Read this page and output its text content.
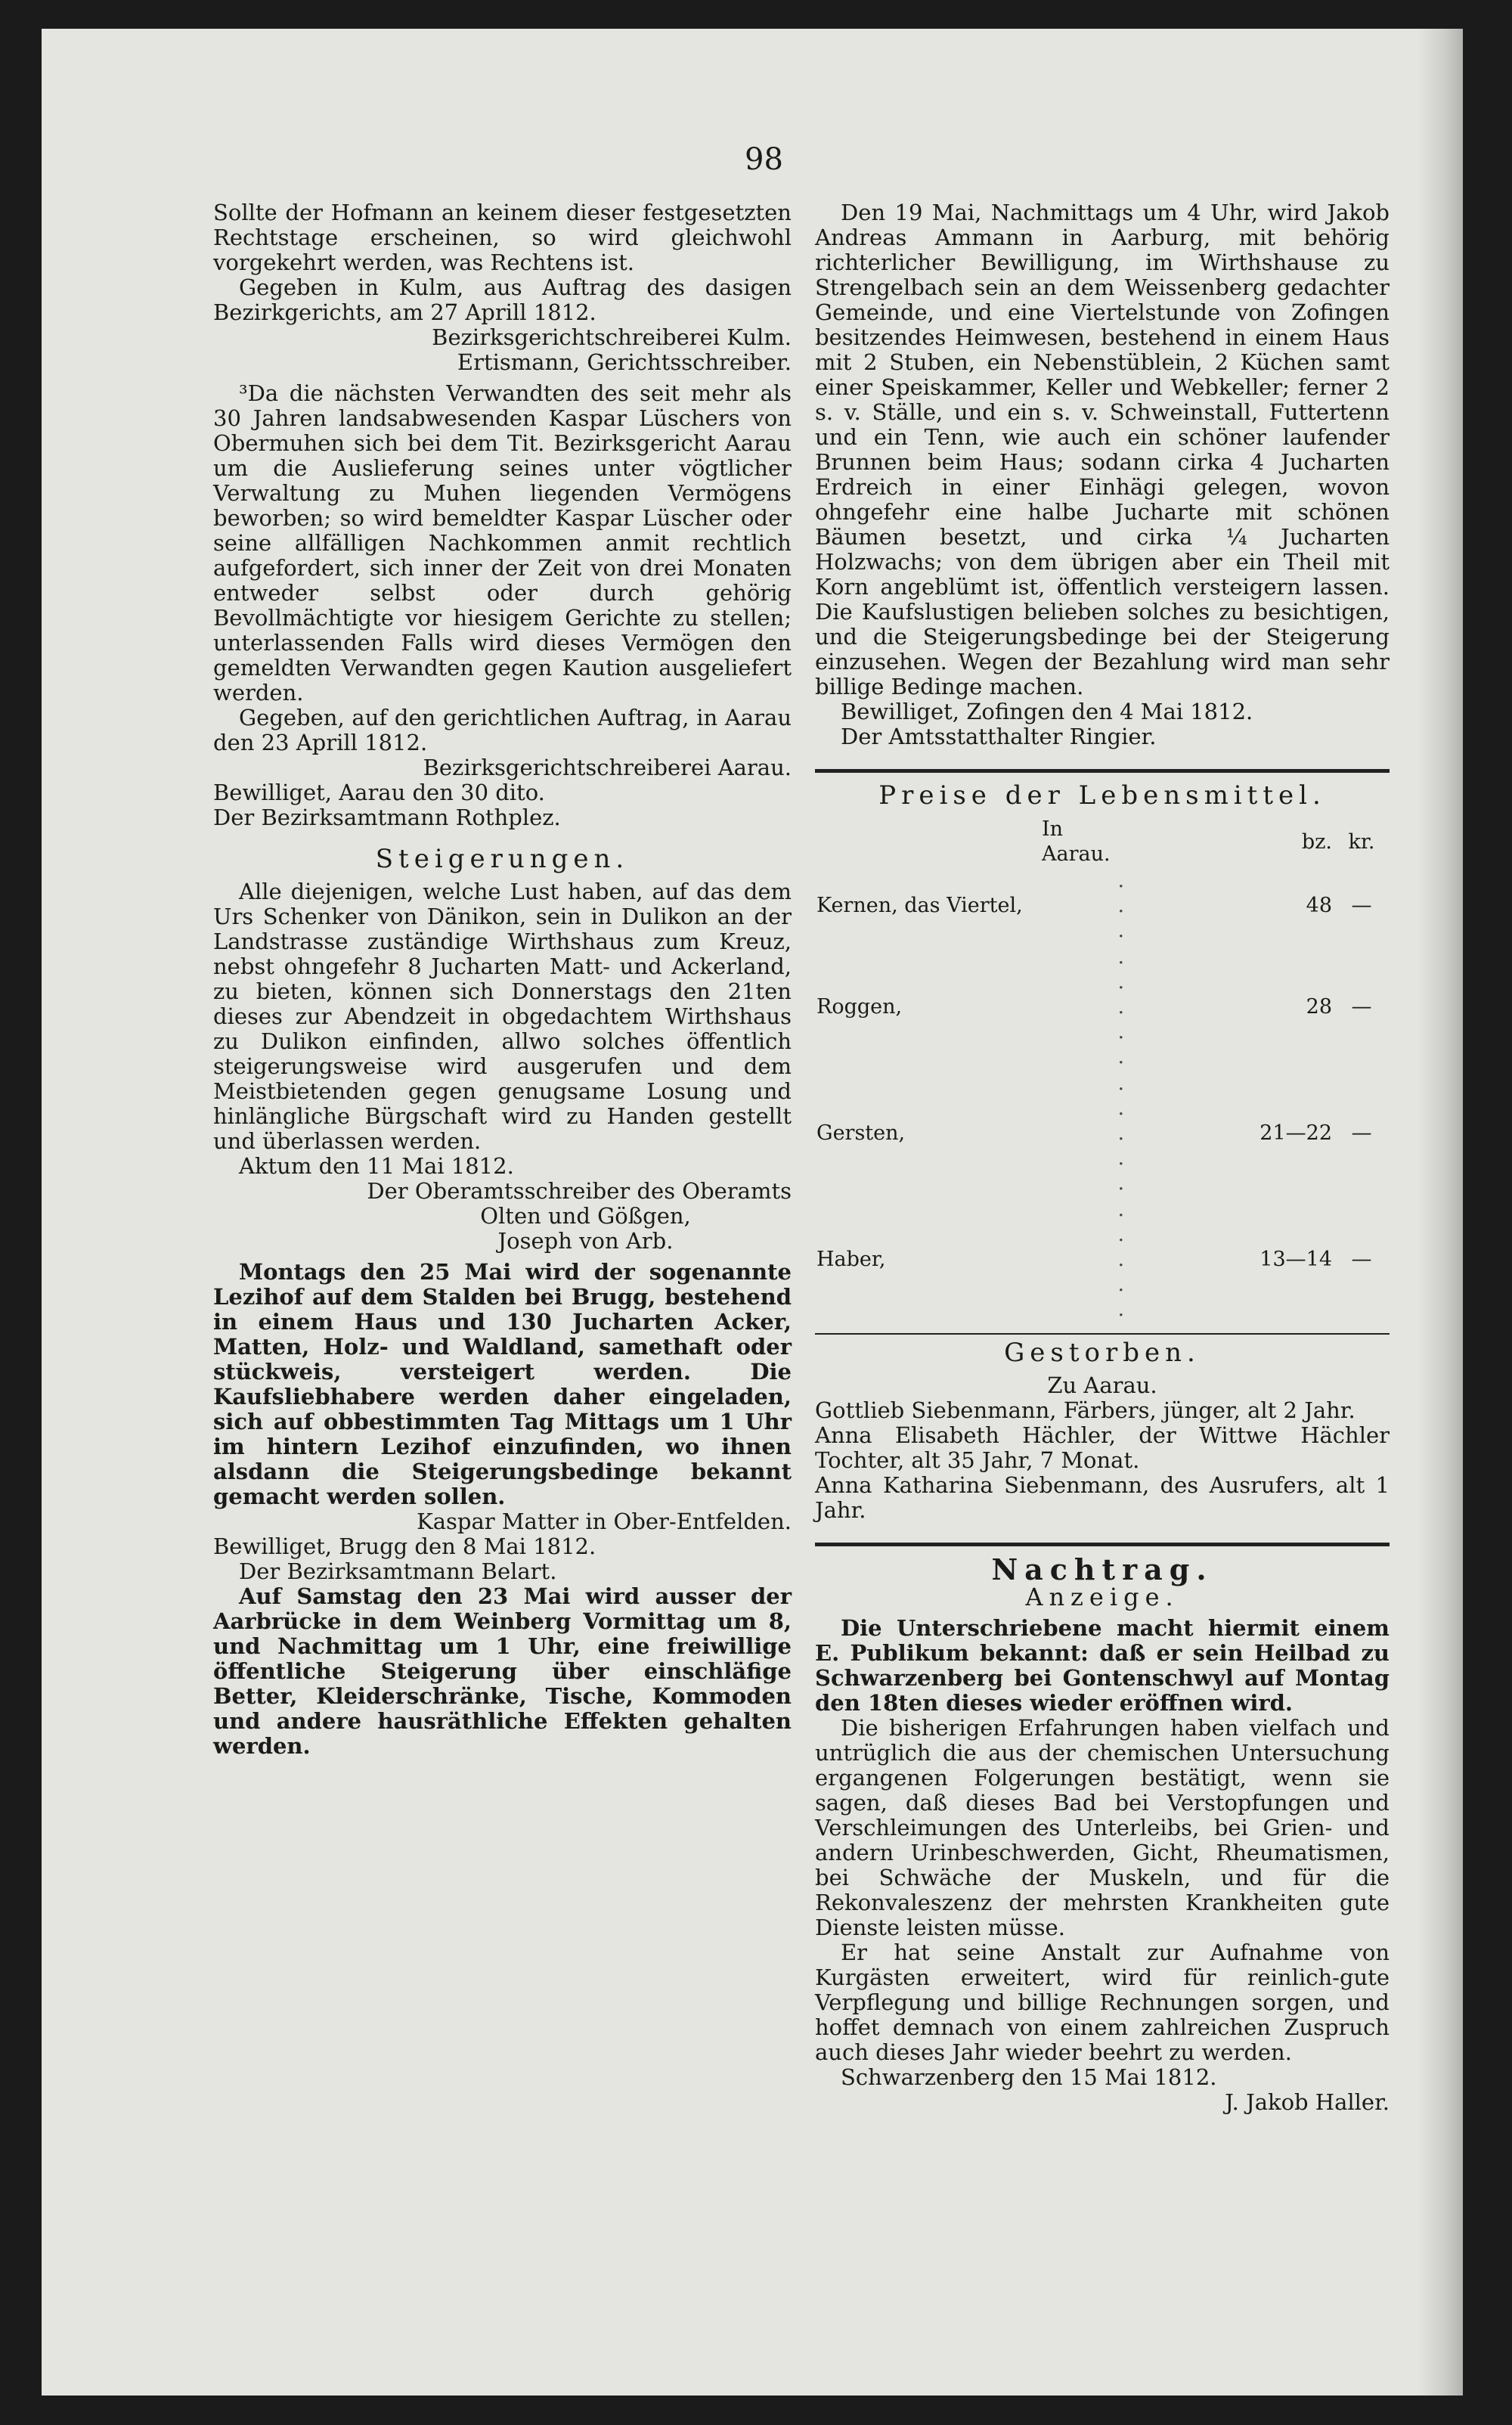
98

Sollte der Hofmann an keinem dieser festgesetzten Rechtstage erscheinen, so wird gleichwohl vorgekehrt werden, was Rechtens ist.

Gegeben in Kulm, aus Auftrag des dasigen Bezirkgerichts, am 27 Aprill 1812.

Bezirksgerichtschreiberei Kulm.

Ertismann, Gerichtsschreiber.

³Da die nächsten Verwandten des seit mehr als 30 Jahren landsabwesenden Kaspar Lüschers von Obermuhen sich bei dem Tit. Bezirksgericht Aarau um die Auslieferung seines unter vögtlicher Verwaltung zu Muhen liegenden Vermögens beworben; so wird bemeldter Kaspar Lüscher oder seine allfälligen Nachkommen anmit rechtlich aufgefordert, sich inner der Zeit von drei Monaten entweder selbst oder durch gehörig Bevollmächtigte vor hiesigem Gerichte zu stellen; unterlassenden Falls wird dieses Vermögen den gemeldten Verwandten gegen Kaution ausgeliefert werden.

Gegeben, auf den gerichtlichen Auftrag, in Aarau den 23 Aprill 1812.

Bezirksgerichtschreiberei Aarau.

Bewilliget, Aarau den 30 dito.

Der Bezirksamtmann Rothplez.

Steigerungen.

Alle diejenigen, welche Lust haben, auf das dem Urs Schenker von Dänikon, sein in Dulikon an der Landstrasse zuständige Wirthshaus zum Kreuz, nebst ohngefehr 8 Jucharten Matt- und Ackerland, zu bieten, können sich Donnerstags den 21ten dieses zur Abendzeit in obgedachtem Wirthshaus zu Dulikon einfinden, allwo solches öffentlich steigerungsweise wird ausgerufen und dem Meistbietenden gegen genugsame Losung und hinlängliche Bürgschaft wird zu Handen gestellt und überlassen werden.

Aktum den 11 Mai 1812.

Der Oberamtsschreiber des Oberamts

Olten und Gößgen,

Joseph von Arb.

Montags den 25 Mai wird der sogenannte Lezihof auf dem Stalden bei Brugg, bestehend in einem Haus und 130 Jucharten Acker, Matten, Holz- und Waldland, samethaft oder stückweis, versteigert werden. Die Kaufsliebhabere werden daher eingeladen, sich auf obbestimmten Tag Mittags um 1 Uhr im hintern Lezihof einzufinden, wo ihnen alsdann die Steigerungsbedinge bekannt gemacht werden sollen.

Kaspar Matter in Ober-Entfelden.

Bewilliget, Brugg den 8 Mai 1812.

Der Bezirksamtmann Belart.

Auf Samstag den 23 Mai wird ausser der Aarbrücke in dem Weinberg Vormittag um 8, und Nachmittag um 1 Uhr, eine freiwillige öffentliche Steigerung über einschläfige Better, Kleiderschränke, Tische, Kommoden und andere hausräthliche Effekten gehalten werden.

Den 19 Mai, Nachmittags um 4 Uhr, wird Jakob Andreas Ammann in Aarburg, mit behörig richterlicher Bewilligung, im Wirthshause zu Strengelbach sein an dem Weissenberg gedachter Gemeinde, und eine Viertelstunde von Zofingen besitzendes Heimwesen, bestehend in einem Haus mit 2 Stuben, ein Nebenstüblein, 2 Küchen samt einer Speiskammer, Keller und Webkeller; ferner 2 s. v. Ställe, und ein s. v. Schweinstall, Futtertenn und ein Tenn, wie auch ein schöner laufender Brunnen beim Haus; sodann cirka 4 Jucharten Erdreich in einer Einhägi gelegen, wovon ohngefehr eine halbe Jucharte mit schönen Bäumen besetzt, und cirka ¼ Jucharten Holzwachs; von dem übrigen aber ein Theil mit Korn angeblümt ist, öffentlich versteigern lassen. Die Kaufslustigen belieben solches zu besichtigen, und die Steigerungsbedinge bei der Steigerung einzusehen. Wegen der Bezahlung wird man sehr billige Bedinge machen.

Bewilliget, Zofingen den 4 Mai 1812.

Der Amtsstatthalter Ringier.

Preise der Lebensmittel.
In Aarau.		bz.	kr.
Kernen, das Viertel,	. . .	48	—
Roggen,	. . . . .	28	—
Gersten,	. . . . .	21—22	—
Haber,	. . . . .	13—14	—
Gestorben.

Zu Aarau.

Gottlieb Siebenmann, Färbers, jünger, alt 2 Jahr.

Anna Elisabeth Hächler, der Wittwe Hächler Tochter, alt 35 Jahr, 7 Monat.

Anna Katharina Siebenmann, des Ausrufers, alt 1 Jahr.

Nachtrag.
Anzeige.

Die Unterschriebene macht hiermit einem E. Publikum bekannt: daß er sein Heilbad zu Schwarzenberg bei Gontenschwyl auf Montag den 18ten dieses wieder eröffnen wird.

Die bisherigen Erfahrungen haben vielfach und untrüglich die aus der chemischen Untersuchung ergangenen Folgerungen bestätigt, wenn sie sagen, daß dieses Bad bei Verstopfungen und Verschleimungen des Unterleibs, bei Grien- und andern Urinbeschwerden, Gicht, Rheumatismen, bei Schwäche der Muskeln, und für die Rekonvaleszenz der mehrsten Krankheiten gute Dienste leisten müsse.

Er hat seine Anstalt zur Aufnahme von Kurgästen erweitert, wird für reinlich-gute Verpflegung und billige Rechnungen sorgen, und hoffet demnach von einem zahlreichen Zuspruch auch dieses Jahr wieder beehrt zu werden.

Schwarzenberg den 15 Mai 1812.

J. Jakob Haller.
